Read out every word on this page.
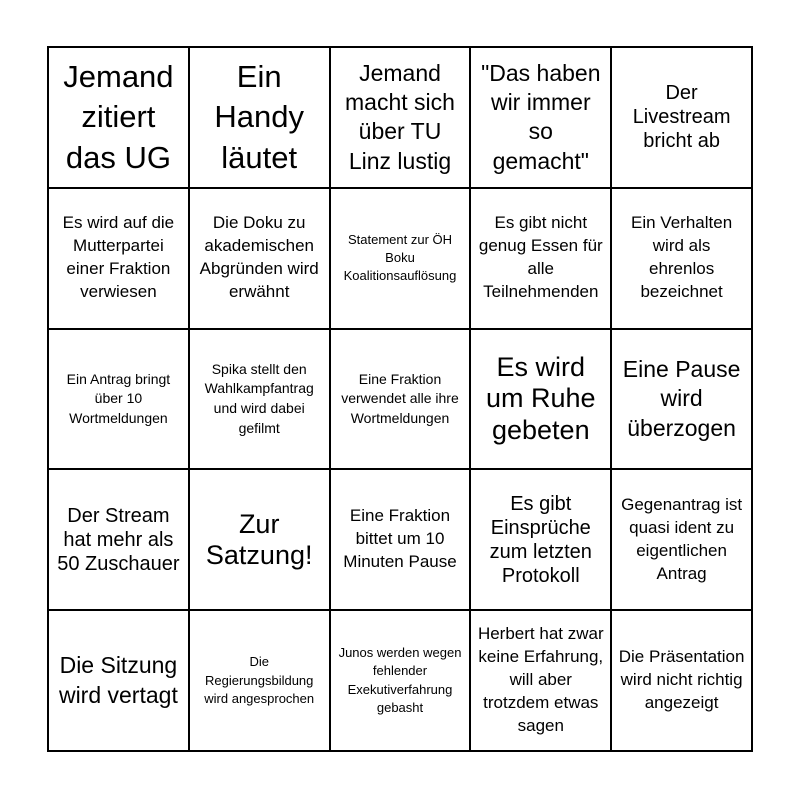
Jemand zitiert das UG
Ein Handy läutet
Jemand macht sich über TU Linz lustig
"Das haben wir immer so gemacht"
Der Livestream bricht ab
Es wird auf die Mutterpartei einer Fraktion verwiesen
Die Doku zu akademischen Abgründen wird erwähnt
Statement zur ÖH Boku Koalitionsauflösung
Es gibt nicht genug Essen für alle Teilnehmenden
Ein Verhalten wird als ehrenlos bezeichnet
Ein Antrag bringt über 10 Wortmeldungen
Spika stellt den Wahlkampfantrag und wird dabei gefilmt
Eine Fraktion verwendet alle ihre Wortmeldungen
Es wird um Ruhe gebeten
Eine Pause wird überzogen
Der Stream hat mehr als 50 Zuschauer
Zur Satzung!
Eine Fraktion bittet um 10 Minuten Pause
Es gibt Einsprüche zum letzten Protokoll
Gegenantrag ist quasi ident zu eigentlichen Antrag
Die Sitzung wird vertagt
Die Regierungsbildung wird angesprochen
Junos werden wegen fehlender Exekutiverfahrung gebasht
Herbert hat zwar keine Erfahrung, will aber trotzdem etwas sagen
Die Präsentation wird nicht richtig angezeigt
